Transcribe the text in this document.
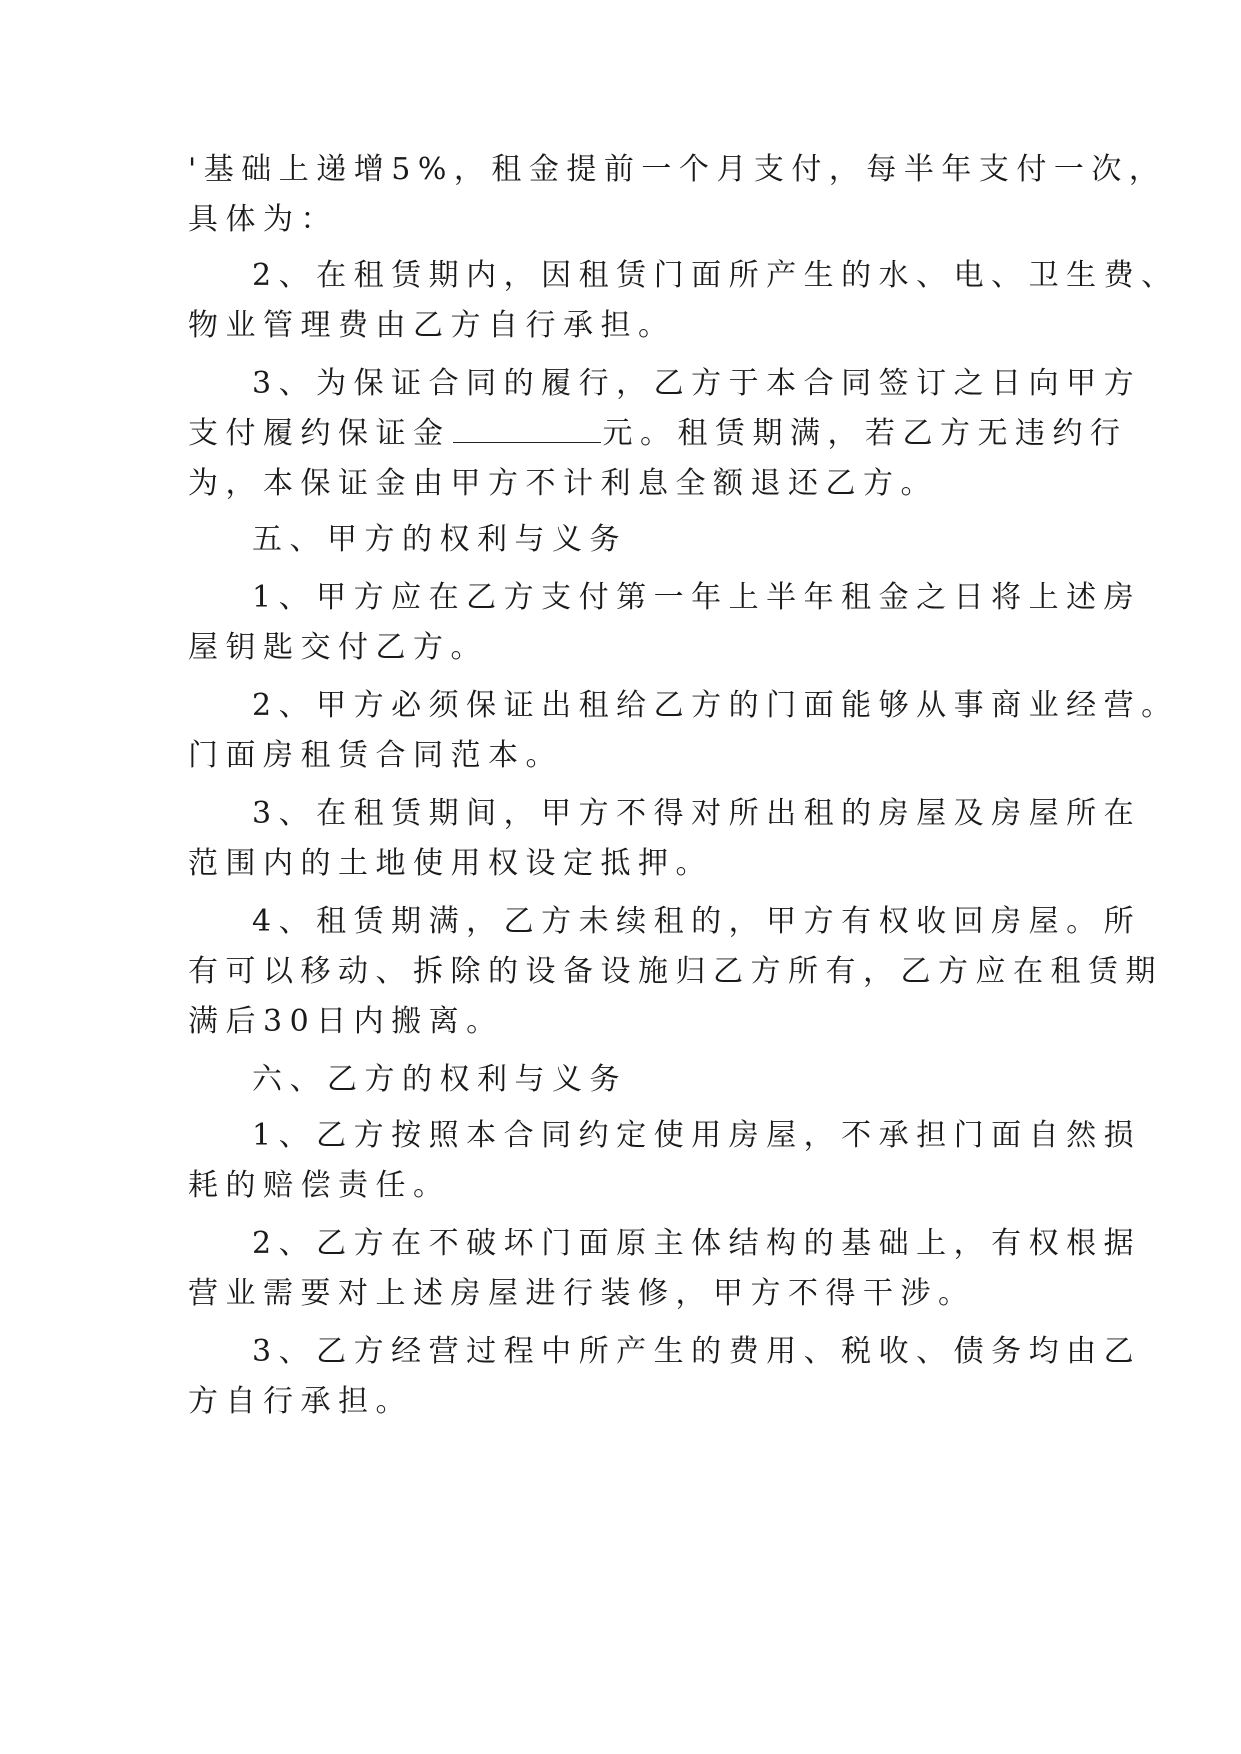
'基础上递增5%，租金提前一个月支付，每半年支付一次，
具体为：
2、在租赁期内，因租赁门面所产生的水、电、卫生费、
物业管理费由乙方自行承担。
3、为保证合同的履行，乙方于本合同签订之日向甲方
支付履约保证金	元。租赁期满，若乙方无违约行
为，本保证金由甲方不计利息全额退还乙方。
五、甲方的权利与义务
1、甲方应在乙方支付第一年上半年租金之日将上述房
屋钥匙交付乙方。
2、甲方必须保证出租给乙方的门面能够从事商业经营。
门面房租赁合同范本。
3、在租赁期间，甲方不得对所出租的房屋及房屋所在
范围内的土地使用权设定抵押。
4、租赁期满，乙方未续租的，甲方有权收回房屋。所
有可以移动、拆除的设备设施归乙方所有，乙方应在租赁期
满后30日内搬离。
六、乙方的权利与义务
1、乙方按照本合同约定使用房屋，不承担门面自然损
耗的赔偿责任。
2、乙方在不破坏门面原主体结构的基础上，有权根据
营业需要对上述房屋进行装修，甲方不得干涉。
3、乙方经营过程中所产生的费用、税收、债务均由乙
方自行承担。
